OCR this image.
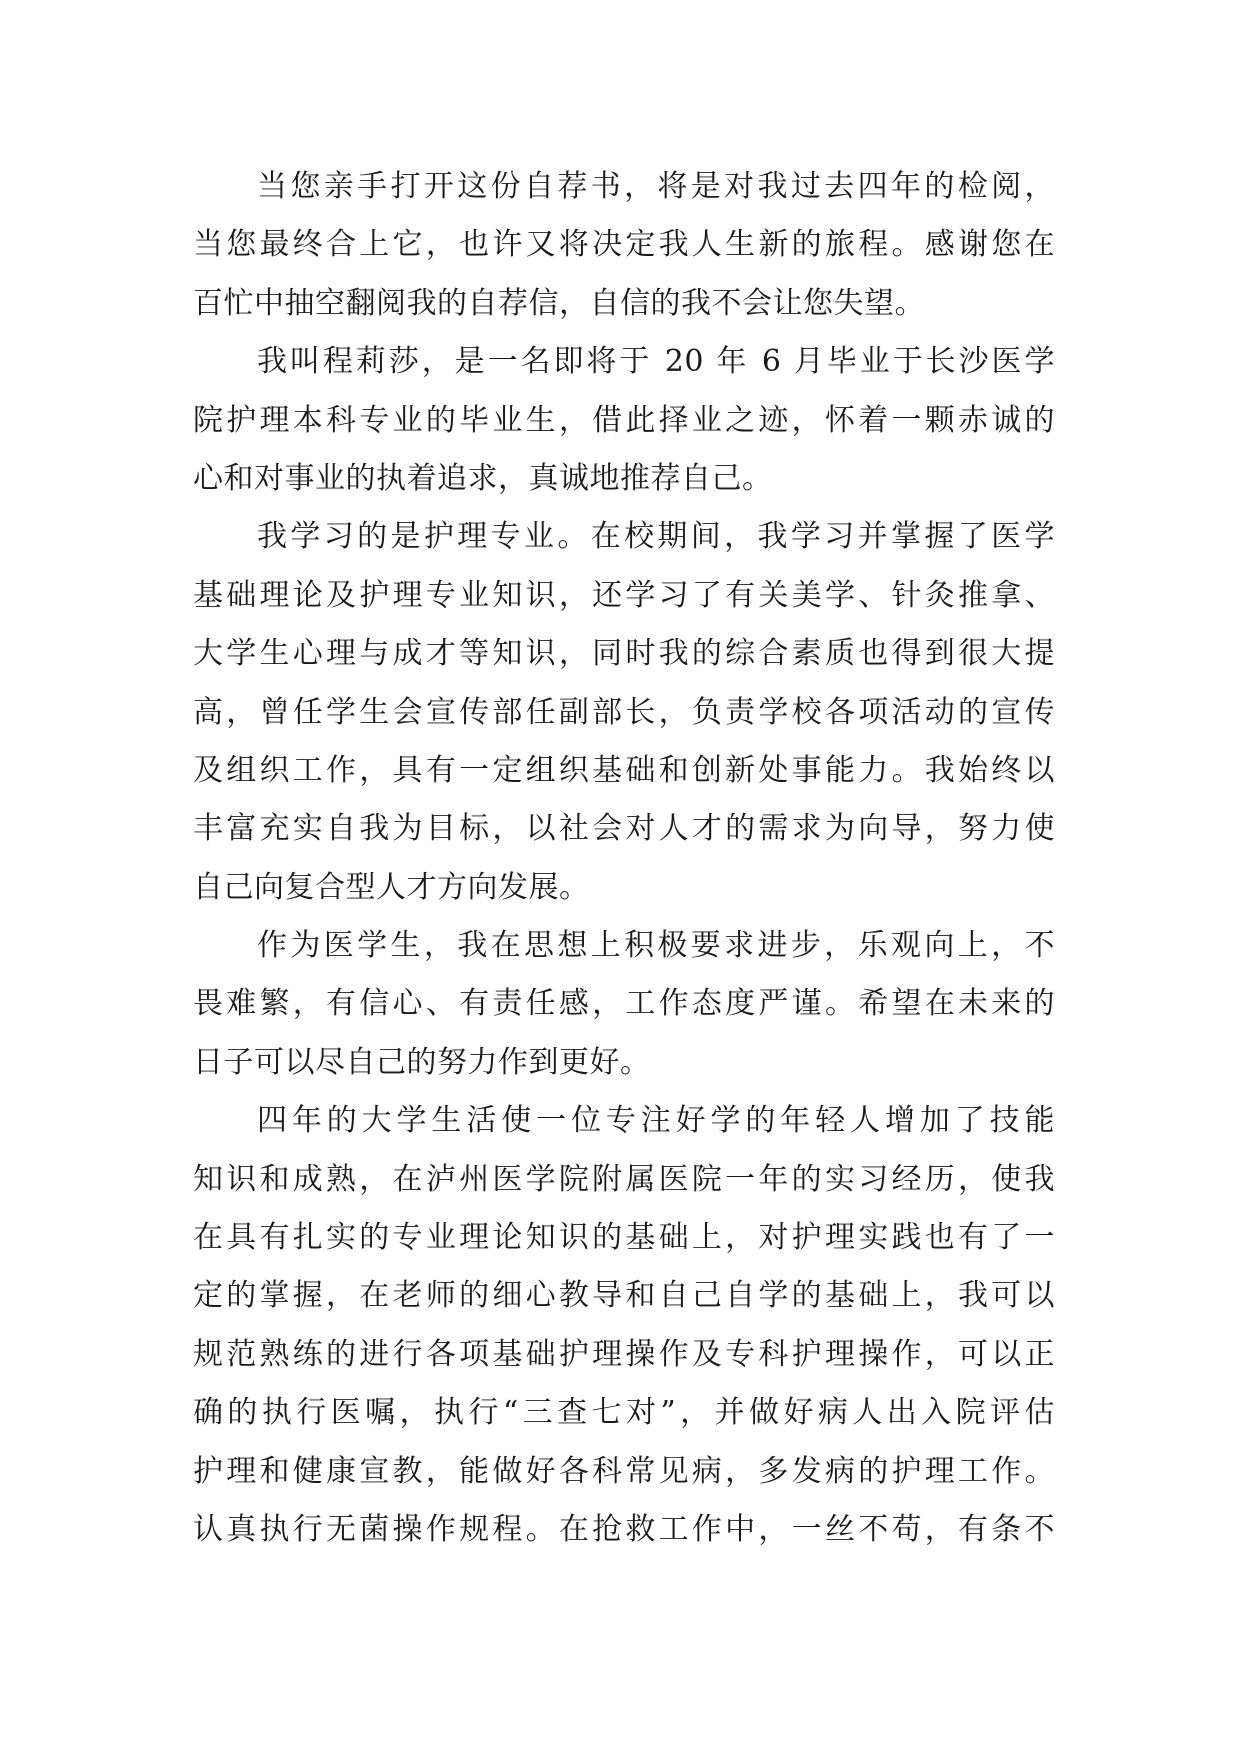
当您亲手打开这份自荐书，将是对我过去四年的检阅，
当您最终合上它，也许又将决定我人生新的旅程。感谢您在
百忙中抽空翻阅我的自荐信，自信的我不会让您失望。
我叫程莉莎，是一名即将于 20 年 6 月毕业于长沙医学
院护理本科专业的毕业生，借此择业之迹，怀着一颗赤诚的
心和对事业的执着追求，真诚地推荐自己。
我学习的是护理专业。在校期间，我学习并掌握了医学
基础理论及护理专业知识，还学习了有关美学、针灸推拿、
大学生心理与成才等知识，同时我的综合素质也得到很大提
高，曾任学生会宣传部任副部长，负责学校各项活动的宣传
及组织工作，具有一定组织基础和创新处事能力。我始终以
丰富充实自我为目标，以社会对人才的需求为向导，努力使
自己向复合型人才方向发展。
作为医学生，我在思想上积极要求进步，乐观向上，不
畏难繁，有信心、有责任感，工作态度严谨。希望在未来的
日子可以尽自己的努力作到更好。
四年的大学生活使一位专注好学的年轻人增加了技能
知识和成熟，在泸州医学院附属医院一年的实习经历，使我
在具有扎实的专业理论知识的基础上，对护理实践也有了一
定的掌握，在老师的细心教导和自己自学的基础上，我可以
规范熟练的进行各项基础护理操作及专科护理操作，可以正
确的执行医嘱，执行“三查七对”，并做好病人出入院评估
护理和健康宣教，能做好各科常见病，多发病的护理工作。
认真执行无菌操作规程。在抢救工作中，一丝不苟，有条不
